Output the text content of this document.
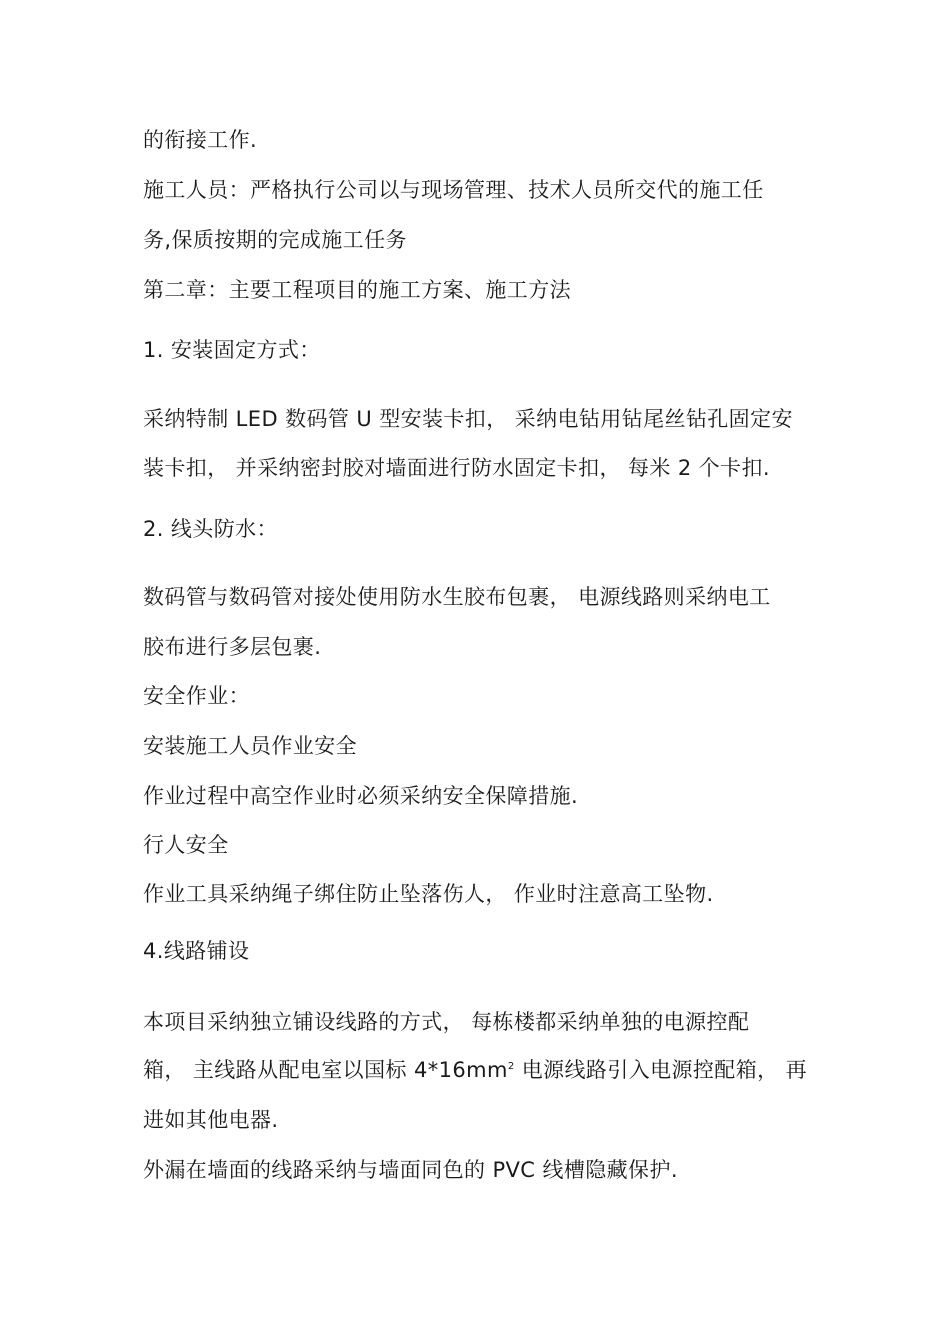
的衔接工作.
施工人员：严格执行公司以与现场管理、技术人员所交代的施工任
务,保质按期的完成施工任务
第二章：主要工程项目的施工方案、施工方法
1. 安装固定方式：
采纳特制 LED 数码管 U 型安装卡扣， 采纳电钻用钻尾丝钻孔固定安
装卡扣， 并采纳密封胶对墙面进行防水固定卡扣， 每米 2 个卡扣.
2. 线头防水：
数码管与数码管对接处使用防水生胶布包裹， 电源线路则采纳电工
胶布进行多层包裹.
安全作业：
安装施工人员作业安全
作业过程中高空作业时必须采纳安全保障措施.
行人安全
作业工具采纳绳子绑住防止坠落伤人， 作业时注意高工坠物.
4.线路铺设
本项目采纳独立铺设线路的方式， 每栋楼都采纳单独的电源控配
箱， 主线路从配电室以国标 $4*16mm^2$ 电源线路引入电源控配箱， 再
进如其他电器.
外漏在墙面的线路采纳与墙面同色的 PVC 线槽隐藏保护.
